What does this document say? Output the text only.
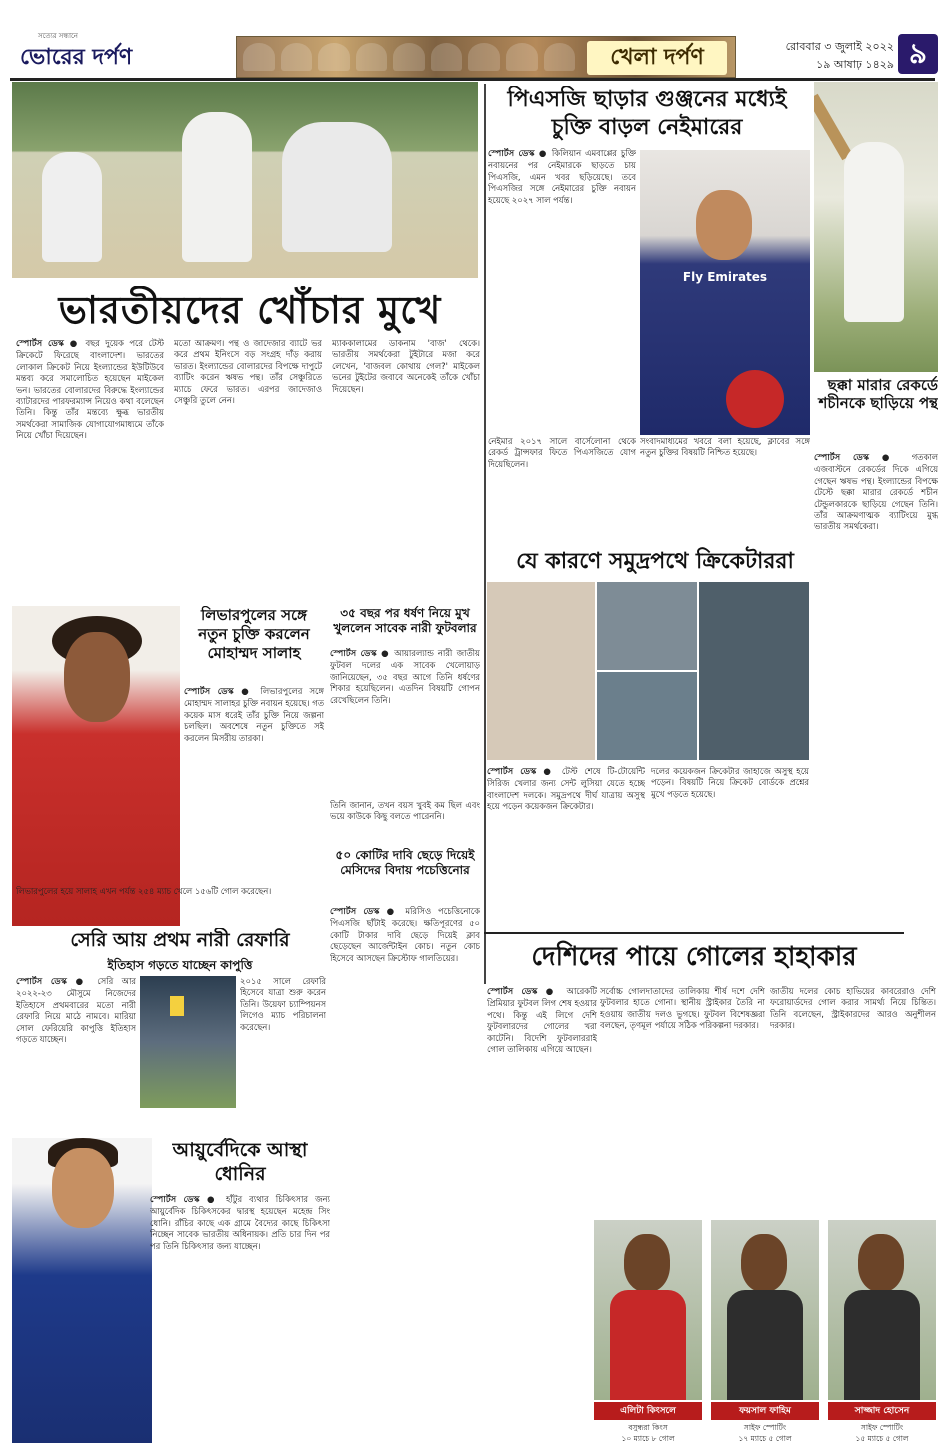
সত্যের সন্ধানে
ভোরের দর্পণ	খেলা দর্পণ	রোববার ৩ জুলাই ২০২২
১৯ আষাঢ় ১৪২৯ ৯
ভারতীয়দের খোঁচার মুখে
স্পোর্টস ডেস্ক ● বছর দুয়েক পরে টেস্ট ক্রিকেটে ফিরেছে বাংলাদেশ। ভারতের লোকাল ক্রিকেট নিয়ে ইংল্যান্ডের ইউটিউবে মন্তব্য করে সমালোচিত হয়েছেন মাইকেল ভন। ভারতের বোলারদের বিরুদ্ধে ইংল্যান্ডের ব্যাটারদের পারফরম্যান্স নিয়েও কথা বলেছেন তিনি। কিন্তু তাঁর মন্তব্যে ক্ষুব্ধ ভারতীয় সমর্থকেরা সামাজিক যোগাযোগমাধ্যমে তাঁকে নিয়ে খোঁচা দিয়েছেন।
মতো আক্রমণ। পন্থ ও জাদেজার ব্যাটে ভর করে প্রথম ইনিংসে বড় সংগ্রহ দাঁড় করায় ভারত। ইংল্যান্ডের বোলারদের বিপক্ষে দাপুটে ব্যাটিং করেন ঋষভ পন্থ। তাঁর সেঞ্চুরিতে ম্যাচে ফেরে ভারত। এরপর জাদেজাও সেঞ্চুরি তুলে নেন।
ম্যাককালামের ডাকনাম 'বাজ' থেকে। ভারতীয় সমর্থকেরা টুইটারে মজা করে লেখেন, 'বাজবল কোথায় গেল?' মাইকেল ভনের টুইটের জবাবে অনেকেই তাঁকে খোঁচা দিয়েছেন।
পিএসজি ছাড়ার গুঞ্জনের মধ্যেই
চুক্তি বাড়ল নেইমারের
স্পোর্টস ডেস্ক ● কিলিয়ান এমবাপ্পের চুক্তি নবায়নের পর নেইমারকে ছাড়তে চায় পিএসজি, এমন খবর ছড়িয়েছে। তবে পিএসজির সঙ্গে নেইমারের চুক্তি নবায়ন হয়েছে ২০২৭ সাল পর্যন্ত।
Fly Emirates
নেইমার ২০১৭ সালে বার্সেলোনা থেকে রেকর্ড ট্রান্সফার ফিতে পিএসজিতে যোগ দিয়েছিলেন।
সংবাদমাধ্যমের খবরে বলা হয়েছে, ক্লাবের সঙ্গে নতুন চুক্তির বিষয়টি নিশ্চিত হয়েছে।
ছক্কা মারার রেকর্ডে শচীনকে ছাড়িয়ে পন্থ
স্পোর্টস ডেস্ক ● গতকাল এজবাস্টনে রেকর্ডের দিকে এগিয়ে গেছেন ঋষভ পন্থ। ইংল্যান্ডের বিপক্ষে টেস্টে ছক্কা মারার রেকর্ডে শচীন টেন্ডুলকারকে ছাড়িয়ে গেছেন তিনি। তাঁর আক্রমণাত্মক ব্যাটিংয়ে মুগ্ধ ভারতীয় সমর্থকেরা।
যে কারণে সমুদ্রপথে ক্রিকেটাররা
স্পোর্টস ডেস্ক ● টেস্ট শেষে টি-টোয়েন্টি সিরিজ খেলার জন্য সেন্ট লুসিয়া যেতে হচ্ছে বাংলাদেশ দলকে। সমুদ্রপথে দীর্ঘ যাত্রায় অসুস্থ হয়ে পড়েন কয়েকজন ক্রিকেটার।
দলের কয়েকজন ক্রিকেটার জাহাজে অসুস্থ হয়ে পড়েন। বিষয়টি নিয়ে ক্রিকেট বোর্ডকে প্রশ্নের মুখে পড়তে হয়েছে।
লিভারপুলের সঙ্গে নতুন চুক্তি করলেন মোহাম্মদ সালাহ
স্পোর্টস ডেস্ক ● লিভারপুলের সঙ্গে মোহাম্মদ সালাহর চুক্তি নবায়ন হয়েছে। গত কয়েক মাস ধরেই তাঁর চুক্তি নিয়ে জল্পনা চলছিল। অবশেষে নতুন চুক্তিতে সই করলেন মিসরীয় তারকা।
লিভারপুলের হয়ে সালাহ এখন পর্যন্ত ২৫৪ ম্যাচ খেলে ১৫৬টি গোল করেছেন।
৩৫ বছর পর ধর্ষণ নিয়ে মুখ খুললেন সাবেক নারী ফুটবলার
স্পোর্টস ডেস্ক ● আয়ারল্যান্ড নারী জাতীয় ফুটবল দলের এক সাবেক খেলোয়াড় জানিয়েছেন, ৩৫ বছর আগে তিনি ধর্ষণের শিকার হয়েছিলেন। এতদিন বিষয়টি গোপন রেখেছিলেন তিনি।
তিনি জানান, তখন বয়স খুবই কম ছিল এবং ভয়ে কাউকে কিছু বলতে পারেননি।
৫০ কোটির দাবি ছেড়ে দিয়েই মেসিদের বিদায় পচেত্তিনোর
স্পোর্টস ডেস্ক ● মরিসিও পচেত্তিনোকে পিএসজি ছাঁটাই করেছে। ক্ষতিপূরণের ৫০ কোটি টাকার দাবি ছেড়ে দিয়েই ক্লাব ছেড়েছেন আর্জেন্টাইন কোচ। নতুন কোচ হিসেবে আসছেন ক্রিস্টোফ গালতিয়ের।
সেরি আয় প্রথম নারী রেফারি
ইতিহাস গড়তে যাচ্ছেন কাপুত্তি
স্পোর্টস ডেস্ক ● সেরি আর ২০২২-২৩ মৌসুমে নিজেদের ইতিহাসে প্রথমবারের মতো নারী রেফারি নিয়ে মাঠে নামবে। মারিয়া সোল ফেরিয়েরি কাপুত্তি ইতিহাস গড়তে যাচ্ছেন।
২০১৫ সালে রেফারি হিসেবে যাত্রা শুরু করেন তিনি। উয়েফা চ্যাম্পিয়নস লিগেও ম্যাচ পরিচালনা করেছেন।
আয়ুর্বেদিকে আস্থা ধোনির
স্পোর্টস ডেস্ক ● হাঁটুর ব্যথার চিকিৎসার জন্য আয়ুর্বেদিক চিকিৎসকের দ্বারস্থ হয়েছেন মহেন্দ্র সিং ধোনি। রাঁচির কাছে এক গ্রামে বৈদ্যের কাছে চিকিৎসা নিচ্ছেন সাবেক ভারতীয় অধিনায়ক। প্রতি চার দিন পর পর তিনি চিকিৎসার জন্য যাচ্ছেন।
দেশিদের পায়ে গোলের হাহাকার
স্পোর্টস ডেস্ক ● আরেকটি প্রিমিয়ার ফুটবল লিগ শেষ হওয়ার পথে। কিন্তু এই লিগে দেশি ফুটবলারদের গোলের খরা কাটেনি। বিদেশি ফুটবলাররাই গোল তালিকায় এগিয়ে আছেন।
সর্বোচ্চ গোলদাতাদের তালিকায় শীর্ষ দশে দেশি ফুটবলার হাতে গোনা। স্থানীয় স্ট্রাইকার তৈরি না হওয়ায় জাতীয় দলও ভুগছে। ফুটবল বিশেষজ্ঞরা বলছেন, তৃণমূল পর্যায়ে সঠিক পরিকল্পনা দরকার।
জাতীয় দলের কোচ হাভিয়ের কাবরেরাও দেশি ফরোয়ার্ডদের গোল করার সামর্থ্য নিয়ে চিন্তিত। তিনি বলেছেন, স্ট্রাইকারদের আরও অনুশীলন দরকার।
এলিটা কিংসলে
বসুন্ধরা কিংস
১০ ম্যাচে ৮ গোল
ফয়সাল ফাহিম
সাইফ স্পোর্টিং
১৭ ম্যাচে ৫ গোল
সাজ্জাদ হোসেন
সাইফ স্পোর্টিং
১৫ ম্যাচে ৫ গোল
